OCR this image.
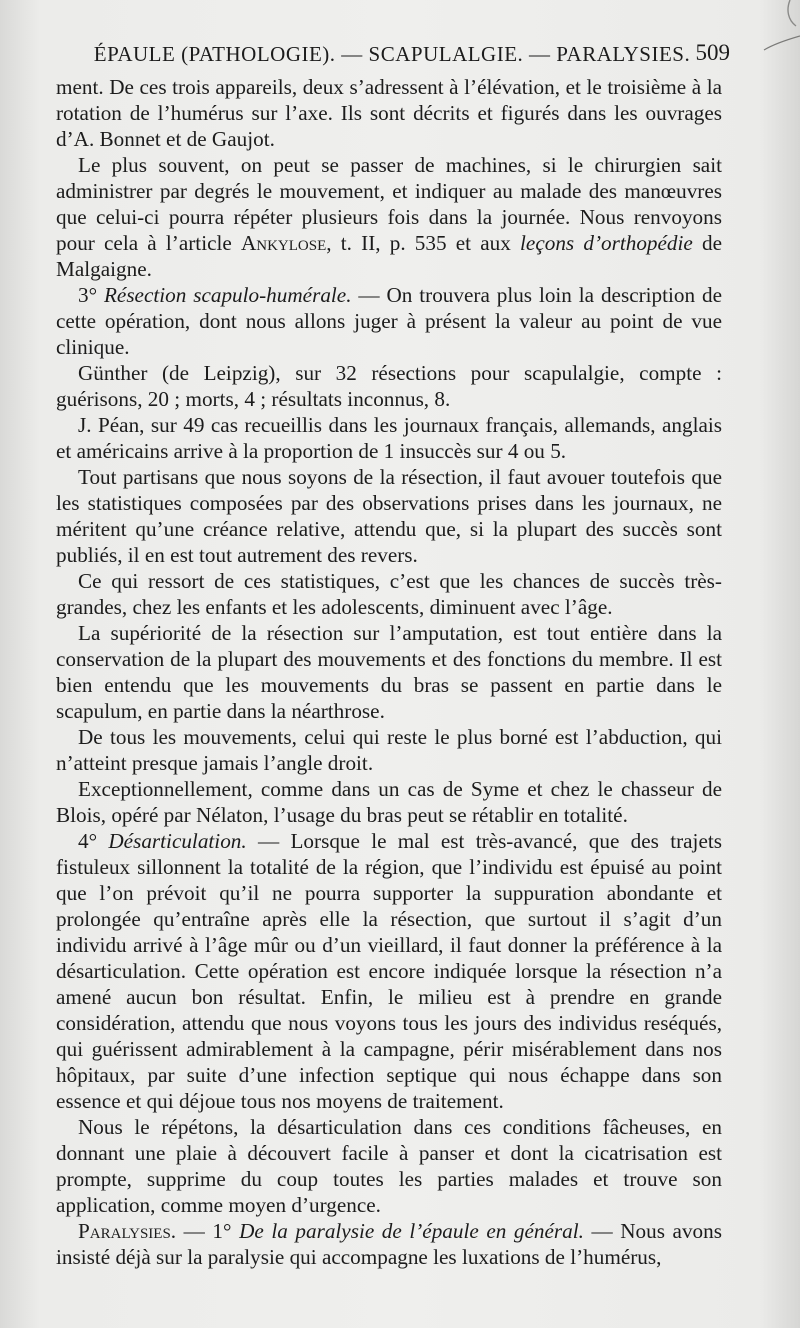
ÉPAULE (PATHOLOGIE). — SCAPULALGIE. — PARALYSIES. 509

ment. De ces trois appareils, deux s’adressent à l’élévation, et le troisième à la rotation de l’humérus sur l’axe. Ils sont décrits et figurés dans les ouvrages d’A. Bonnet et de Gaujot.

Le plus souvent, on peut se passer de machines, si le chirurgien sait administrer par degrés le mouvement, et indiquer au malade des manœuvres que celui-ci pourra répéter plusieurs fois dans la journée. Nous renvoyons pour cela à l’article Ankylose, t. II, p. 535 et aux leçons d’orthopédie de Malgaigne.

3° Résection scapulo-humérale. — On trouvera plus loin la description de cette opération, dont nous allons juger à présent la valeur au point de vue clinique.

Günther (de Leipzig), sur 32 résections pour scapulalgie, compte : guérisons, 20 ; morts, 4 ; résultats inconnus, 8.

J. Péan, sur 49 cas recueillis dans les journaux français, allemands, anglais et américains arrive à la proportion de 1 insuccès sur 4 ou 5.

Tout partisans que nous soyons de la résection, il faut avouer toutefois que les statistiques composées par des observations prises dans les journaux, ne méritent qu’une créance relative, attendu que, si la plupart des succès sont publiés, il en est tout autrement des revers.

Ce qui ressort de ces statistiques, c’est que les chances de succès très-grandes, chez les enfants et les adolescents, diminuent avec l’âge.

La supériorité de la résection sur l’amputation, est tout entière dans la conservation de la plupart des mouvements et des fonctions du membre. Il est bien entendu que les mouvements du bras se passent en partie dans le scapulum, en partie dans la néarthrose.

De tous les mouvements, celui qui reste le plus borné est l’abduction, qui n’atteint presque jamais l’angle droit.

Exceptionnellement, comme dans un cas de Syme et chez le chasseur de Blois, opéré par Nélaton, l’usage du bras peut se rétablir en totalité.

4° Désarticulation. — Lorsque le mal est très-avancé, que des trajets fistuleux sillonnent la totalité de la région, que l’individu est épuisé au point que l’on prévoit qu’il ne pourra supporter la suppuration abondante et prolongée qu’entraîne après elle la résection, que surtout il s’agit d’un individu arrivé à l’âge mûr ou d’un vieillard, il faut donner la préférence à la désarticulation. Cette opération est encore indiquée lorsque la résection n’a amené aucun bon résultat. Enfin, le milieu est à prendre en grande considération, attendu que nous voyons tous les jours des individus reséqués, qui guérissent admirablement à la campagne, périr misérablement dans nos hôpitaux, par suite d’une infection septique qui nous échappe dans son essence et qui déjoue tous nos moyens de traitement.

Nous le répétons, la désarticulation dans ces conditions fâcheuses, en donnant une plaie à découvert facile à panser et dont la cicatrisation est prompte, supprime du coup toutes les parties malades et trouve son application, comme moyen d’urgence.

Paralysies. — 1° De la paralysie de l’épaule en général. — Nous avons insisté déjà sur la paralysie qui accompagne les luxations de l’humérus,
